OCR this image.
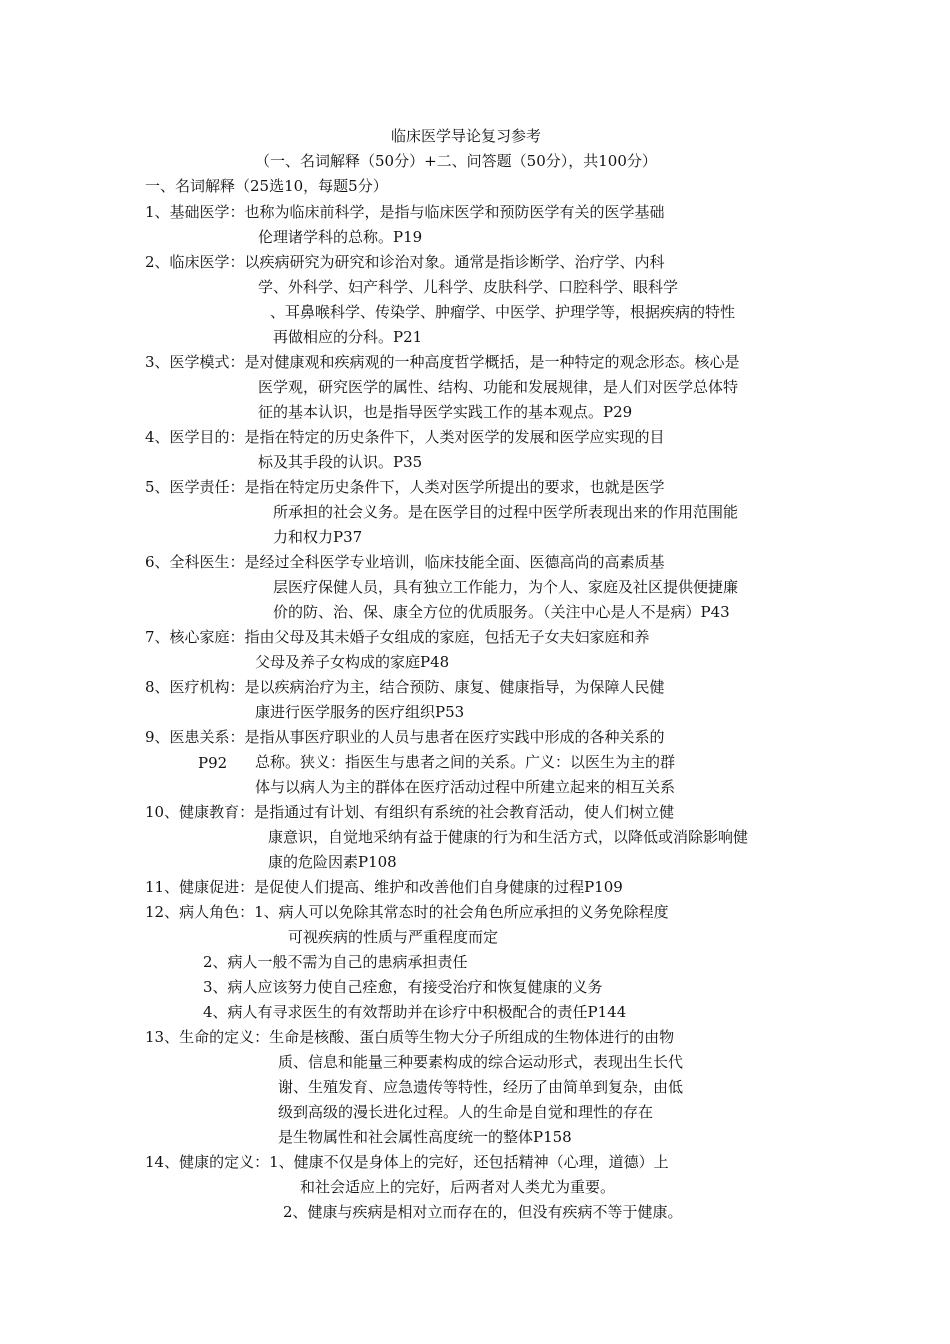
临床医学导论复习参考
（一、名词解释（50分）+二、问答题（50分），共100分）
一、名词解释（25选10，每题5分）
1、基础医学：也称为临床前科学，是指与临床医学和预防医学有关的医学基础
伦理诸学科的总称。P19
2、临床医学：以疾病研究为研究和诊治对象。通常是指诊断学、治疗学、内科
学、外科学、妇产科学、儿科学、皮肤科学、口腔科学、眼科学
、耳鼻喉科学、传染学、肿瘤学、中医学、护理学等，根据疾病的特性
再做相应的分科。P21
3、医学模式：是对健康观和疾病观的一种高度哲学概括，是一种特定的观念形态。核心是
医学观，研究医学的属性、结构、功能和发展规律，是人们对医学总体特
征的基本认识，也是指导医学实践工作的基本观点。P29
4、医学目的：是指在特定的历史条件下，人类对医学的发展和医学应实现的目
标及其手段的认识。P35
5、医学责任：是指在特定历史条件下，人类对医学所提出的要求，也就是医学
所承担的社会义务。是在医学目的过程中医学所表现出来的作用范围能
力和权力P37
6、全科医生：是经过全科医学专业培训，临床技能全面、医德高尚的高素质基
层医疗保健人员，具有独立工作能力，为个人、家庭及社区提供便捷廉
价的防、治、保、康全方位的优质服务。（关注中心是人不是病）P43
7、核心家庭：指由父母及其未婚子女组成的家庭，包括无子女夫妇家庭和养
父母及养子女构成的家庭P48
8、医疗机构：是以疾病治疗为主，结合预防、康复、健康指导，为保障人民健
康进行医学服务的医疗组织P53
9、医患关系：是指从事医疗职业的人员与患者在医疗实践中形成的各种关系的
P92 总称。狭义：指医生与患者之间的关系。广义：以医生为主的群
体与以病人为主的群体在医疗活动过程中所建立起来的相互关系
10、健康教育：是指通过有计划、有组织有系统的社会教育活动，使人们树立健
康意识，自觉地采纳有益于健康的行为和生活方式，以降低或消除影响健
康的危险因素P108
11、健康促进：是促使人们提高、维护和改善他们自身健康的过程P109
12、病人角色：1、病人可以免除其常态时的社会角色所应承担的义务免除程度
可视疾病的性质与严重程度而定
2、病人一般不需为自己的患病承担责任
3、病人应该努力使自己痊愈，有接受治疗和恢复健康的义务
4、病人有寻求医生的有效帮助并在诊疗中积极配合的责任P144
13、生命的定义：生命是核酸、蛋白质等生物大分子所组成的生物体进行的由物
质、信息和能量三种要素构成的综合运动形式，表现出生长代
谢、生殖发育、应急遗传等特性，经历了由简单到复杂，由低
级到高级的漫长进化过程。人的生命是自觉和理性的存在
是生物属性和社会属性高度统一的整体P158
14、健康的定义：1、健康不仅是身体上的完好，还包括精神（心理，道德）上
和社会适应上的完好，后两者对人类尤为重要。
2、健康与疾病是相对立而存在的，但没有疾病不等于健康。
